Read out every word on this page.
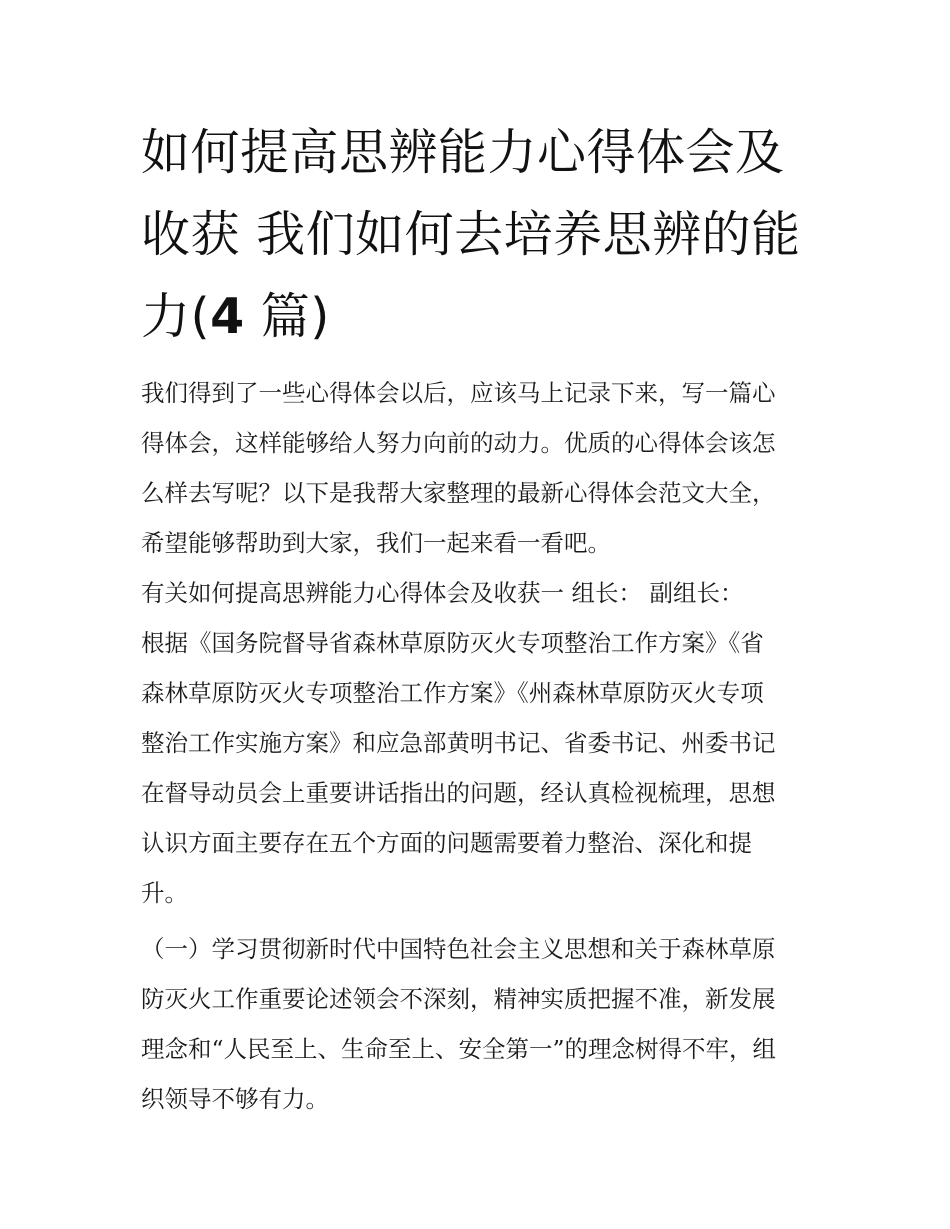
如何提高思辨能力心得体会及
收获 我们如何去培养思辨的能
力(4 篇)
我们得到了一些心得体会以后，应该马上记录下来，写一篇心
得体会，这样能够给人努力向前的动力。优质的心得体会该怎
么样去写呢？以下是我帮大家整理的最新心得体会范文大全，
希望能够帮助到大家，我们一起来看一看吧。
有关如何提高思辨能力心得体会及收获一 组长： 副组长：
根据《国务院督导省森林草原防灭火专项整治工作方案》《省
森林草原防灭火专项整治工作方案》《州森林草原防灭火专项
整治工作实施方案》和应急部黄明书记、省委书记、州委书记
在督导动员会上重要讲话指出的问题，经认真检视梳理，思想
认识方面主要存在五个方面的问题需要着力整治、深化和提
升。
（一）学习贯彻新时代中国特色社会主义思想和关于森林草原
防灭火工作重要论述领会不深刻，精神实质把握不准，新发展
理念和“人民至上、生命至上、安全第一”的理念树得不牢，组
织领导不够有力。
